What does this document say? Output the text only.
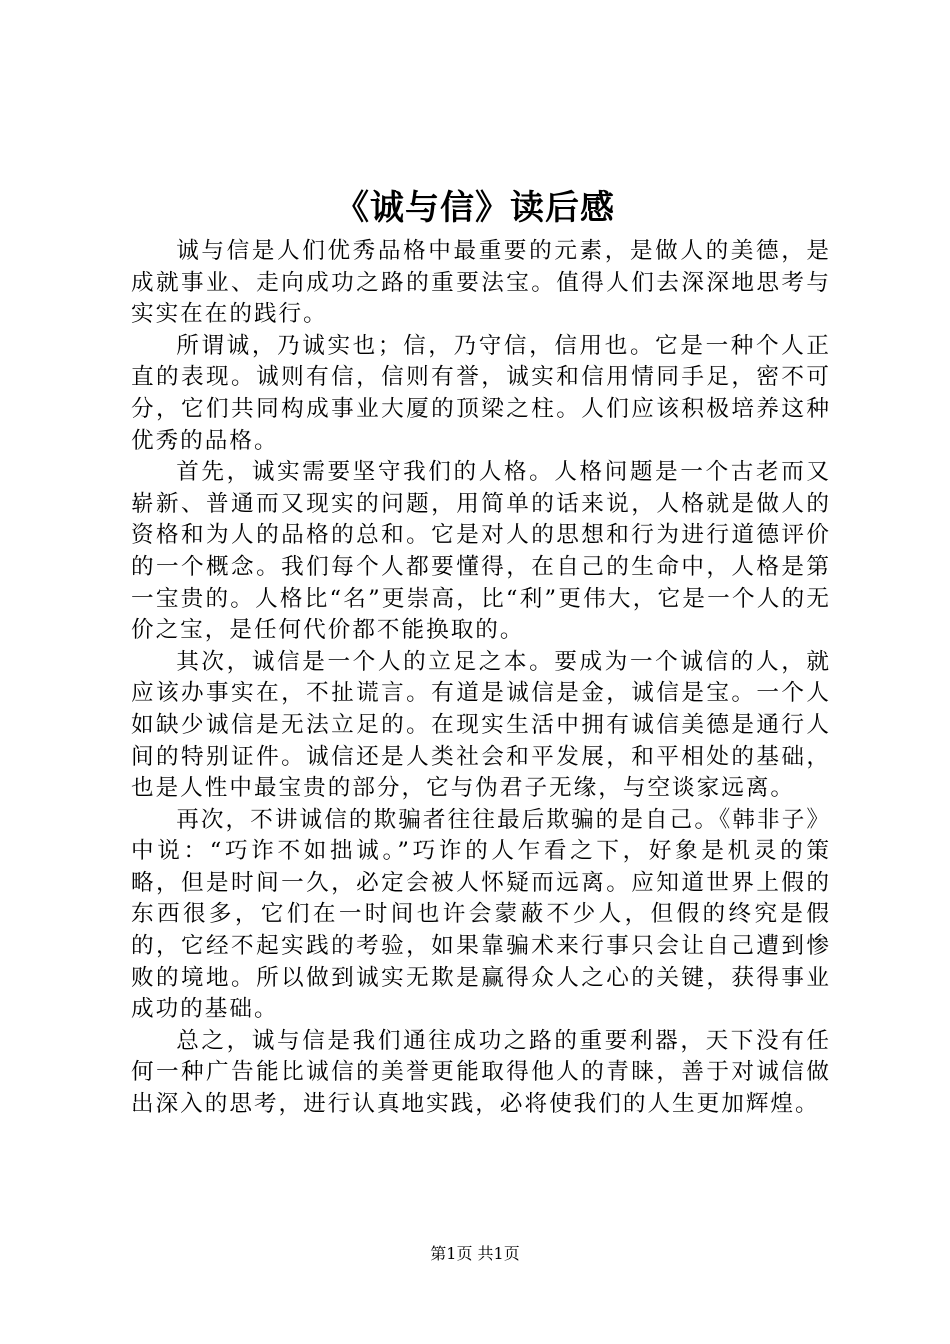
《诚与信》读后感

诚与信是人们优秀品格中最重要的元素，是做人的美德，是成就事业、走向成功之路的重要法宝。值得人们去深深地思考与实实在在的践行。

所谓诚，乃诚实也；信，乃守信，信用也。它是一种个人正直的表现。诚则有信，信则有誉，诚实和信用情同手足，密不可分，它们共同构成事业大厦的顶梁之柱。人们应该积极培养这种优秀的品格。

首先，诚实需要坚守我们的人格。人格问题是一个古老而又崭新、普通而又现实的问题，用简单的话来说，人格就是做人的资格和为人的品格的总和。它是对人的思想和行为进行道德评价的一个概念。我们每个人都要懂得，在自己的生命中，人格是第一宝贵的。人格比“名”更崇高，比“利”更伟大，它是一个人的无价之宝，是任何代价都不能换取的。

其次，诚信是一个人的立足之本。要成为一个诚信的人，就应该办事实在，不扯谎言。有道是诚信是金，诚信是宝。一个人如缺少诚信是无法立足的。在现实生活中拥有诚信美德是通行人间的特别证件。诚信还是人类社会和平发展，和平相处的基础，也是人性中最宝贵的部分，它与伪君子无缘，与空谈家远离。

再次，不讲诚信的欺骗者往往最后欺骗的是自己。《韩非子》中说：“巧诈不如拙诚。”巧诈的人乍看之下，好象是机灵的策略，但是时间一久，必定会被人怀疑而远离。应知道世界上假的东西很多，它们在一时间也许会蒙蔽不少人，但假的终究是假的，它经不起实践的考验，如果靠骗术来行事只会让自己遭到惨败的境地。所以做到诚实无欺是赢得众人之心的关键，获得事业成功的基础。

总之，诚与信是我们通往成功之路的重要利器，天下没有任何一种广告能比诚信的美誉更能取得他人的青睐，善于对诚信做出深入的思考，进行认真地实践，必将使我们的人生更加辉煌。

第1页 共1页
